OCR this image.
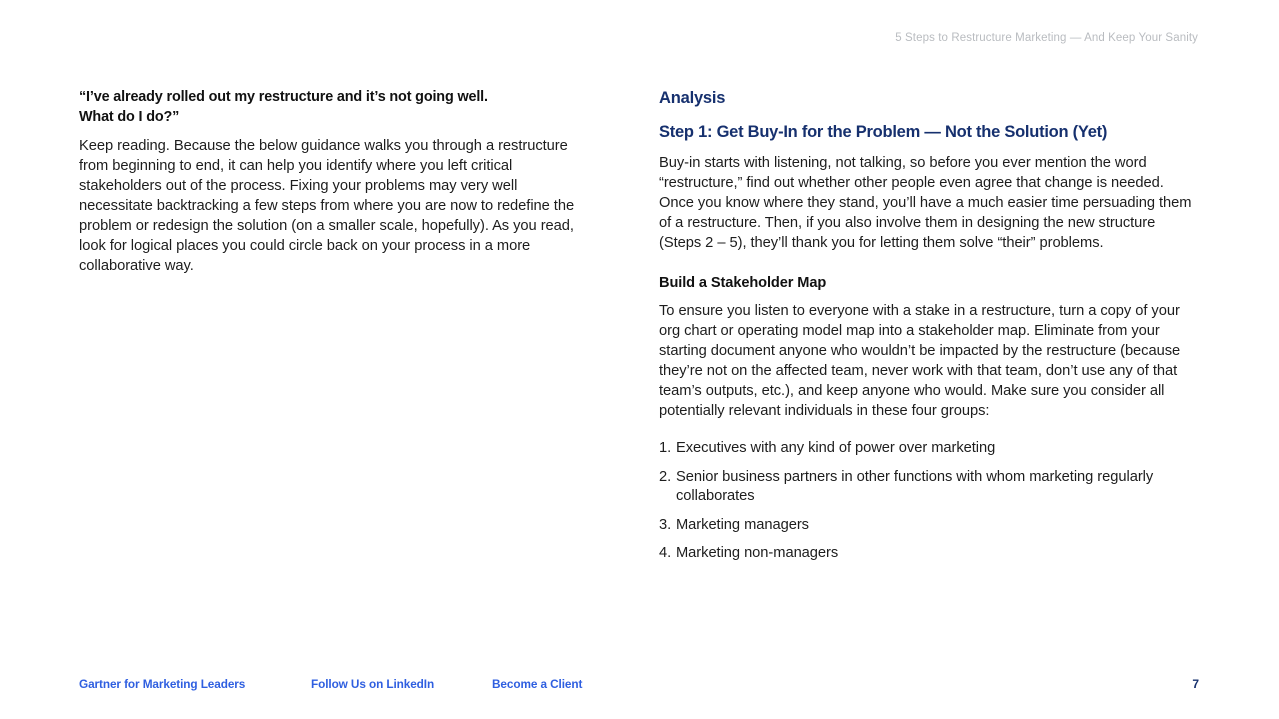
5 Steps to Restructure Marketing — And Keep Your Sanity
“I’ve already rolled out my restructure and it’s not going well.
What do I do?”

Keep reading. Because the below guidance walks you through a restructure from beginning to end, it can help you identify where you left critical stakeholders out of the process. Fixing your problems may very well necessitate backtracking a few steps from where you are now to redefine the problem or redesign the solution (on a smaller scale, hopefully). As you read, look for logical places you could circle back on your process in a more collaborative way.

Analysis
Step 1: Get Buy-In for the Problem — Not the Solution (Yet)

Buy-in starts with listening, not talking, so before you ever mention the word “restructure,” find out whether other people even agree that change is needed. Once you know where they stand, you’ll have a much easier time persuading them of a restructure. Then, if you also involve them in designing the new structure (Steps 2 – 5), they’ll thank you for letting them solve “their” problems.

Build a Stakeholder Map

To ensure you listen to everyone with a stake in a restructure, turn a copy of your org chart or operating model map into a stakeholder map. Eliminate from your starting document anyone who wouldn’t be impacted by the restructure (because they’re not on the affected team, never work with that team, don’t use any of that team’s outputs, etc.), and keep anyone who would. Make sure you consider all potentially relevant individuals in these four groups:

1. Executives with any kind of power over marketing
2. Senior business partners in other functions with whom marketing regularly collaborates
3. Marketing managers
4. Marketing non-managers
Gartner for Marketing Leaders	Follow Us on LinkedIn	Become a Client	7
